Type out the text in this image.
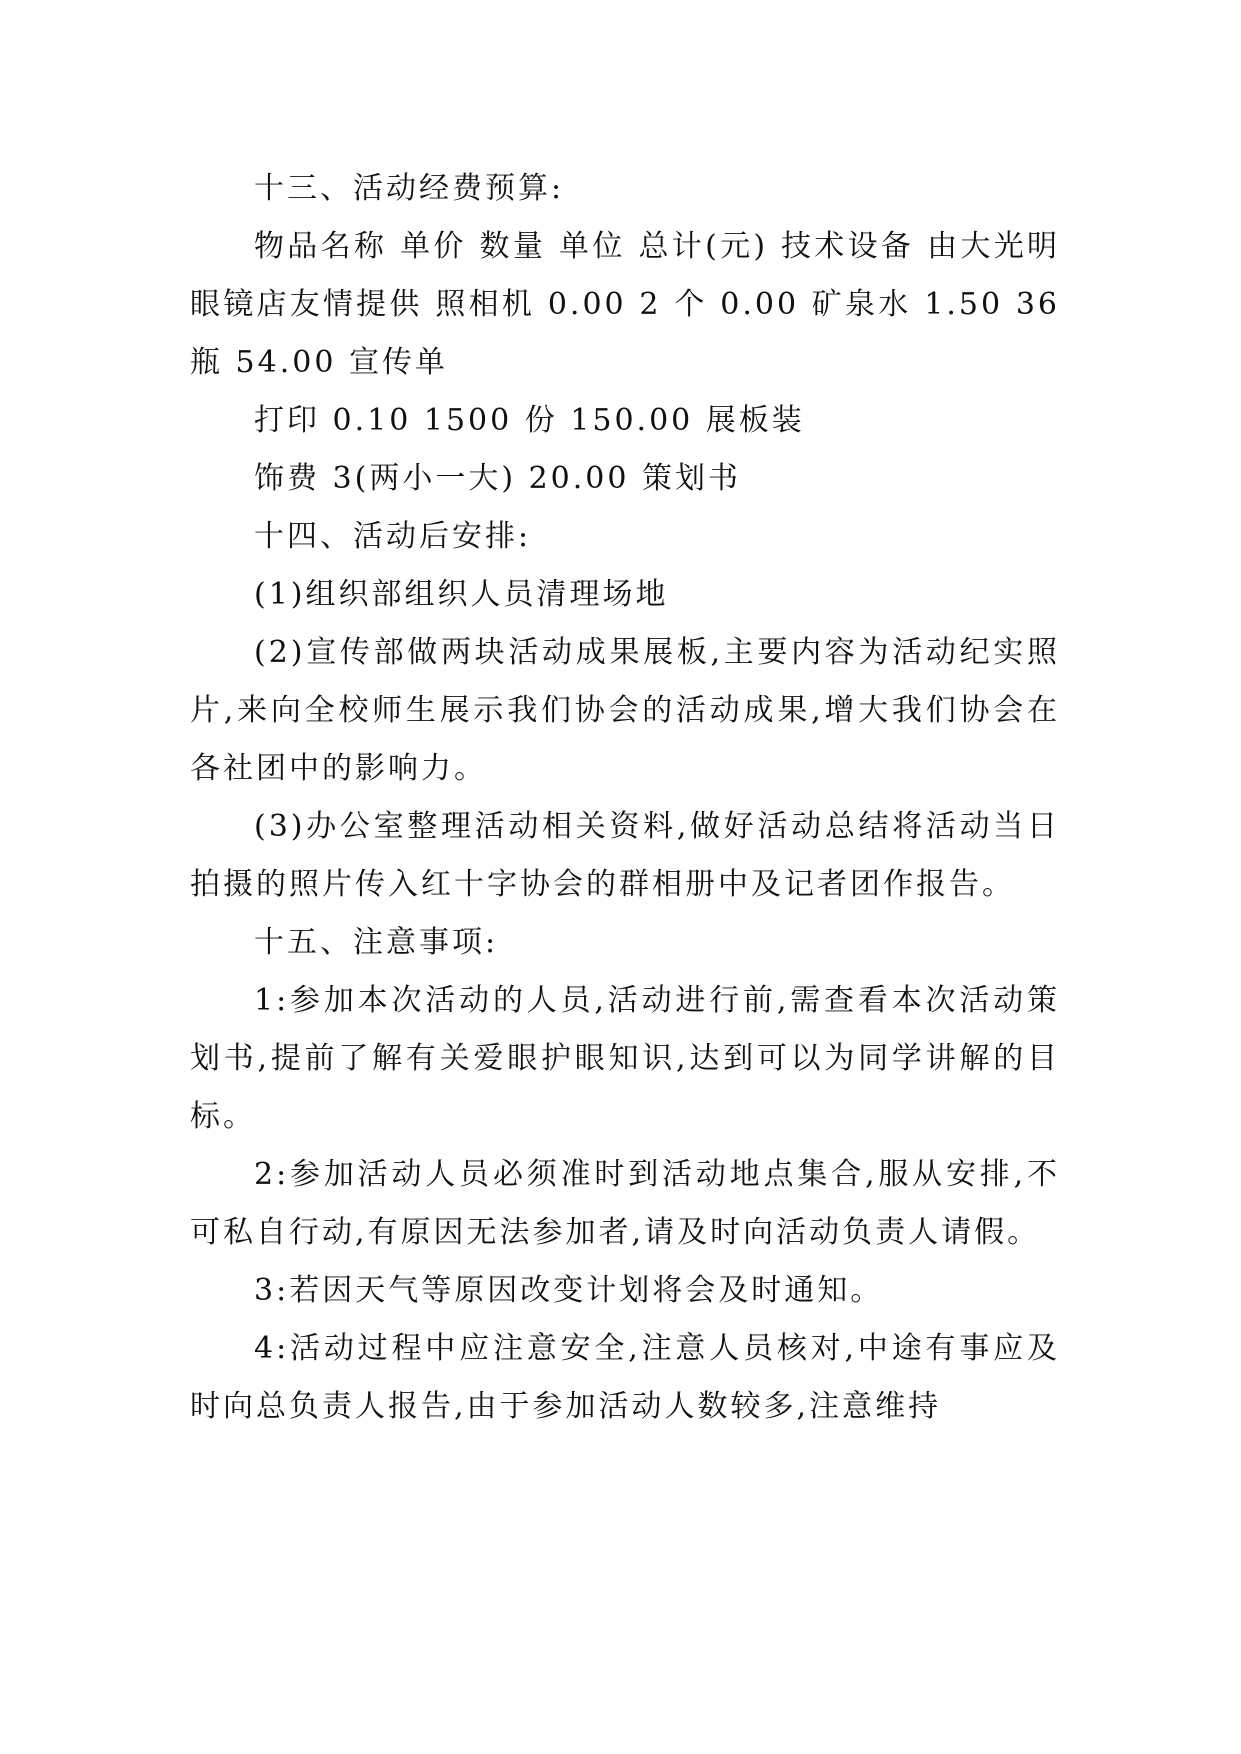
十三、活动经费预算:

物品名称 单价 数量 单位 总计(元) 技术设备 由大光明眼镜店友情提供 照相机 0.00 2 个 0.00 矿泉水 1.50 36 瓶 54.00 宣传单

打印 0.10 1500 份 150.00 展板装

饰费 3(两小一大) 20.00 策划书

十四、活动后安排:

(1)组织部组织人员清理场地

(2)宣传部做两块活动成果展板,主要内容为活动纪实照片,来向全校师生展示我们协会的活动成果,增大我们协会在各社团中的影响力。

(3)办公室整理活动相关资料,做好活动总结将活动当日拍摄的照片传入红十字协会的群相册中及记者团作报告。

十五、注意事项:

1:参加本次活动的人员,活动进行前,需查看本次活动策划书,提前了解有关爱眼护眼知识,达到可以为同学讲解的目标。

2:参加活动人员必须准时到活动地点集合,服从安排,不可私自行动,有原因无法参加者,请及时向活动负责人请假。

3:若因天气等原因改变计划将会及时通知。

4:活动过程中应注意安全,注意人员核对,中途有事应及时向总负责人报告,由于参加活动人数较多,注意维持
